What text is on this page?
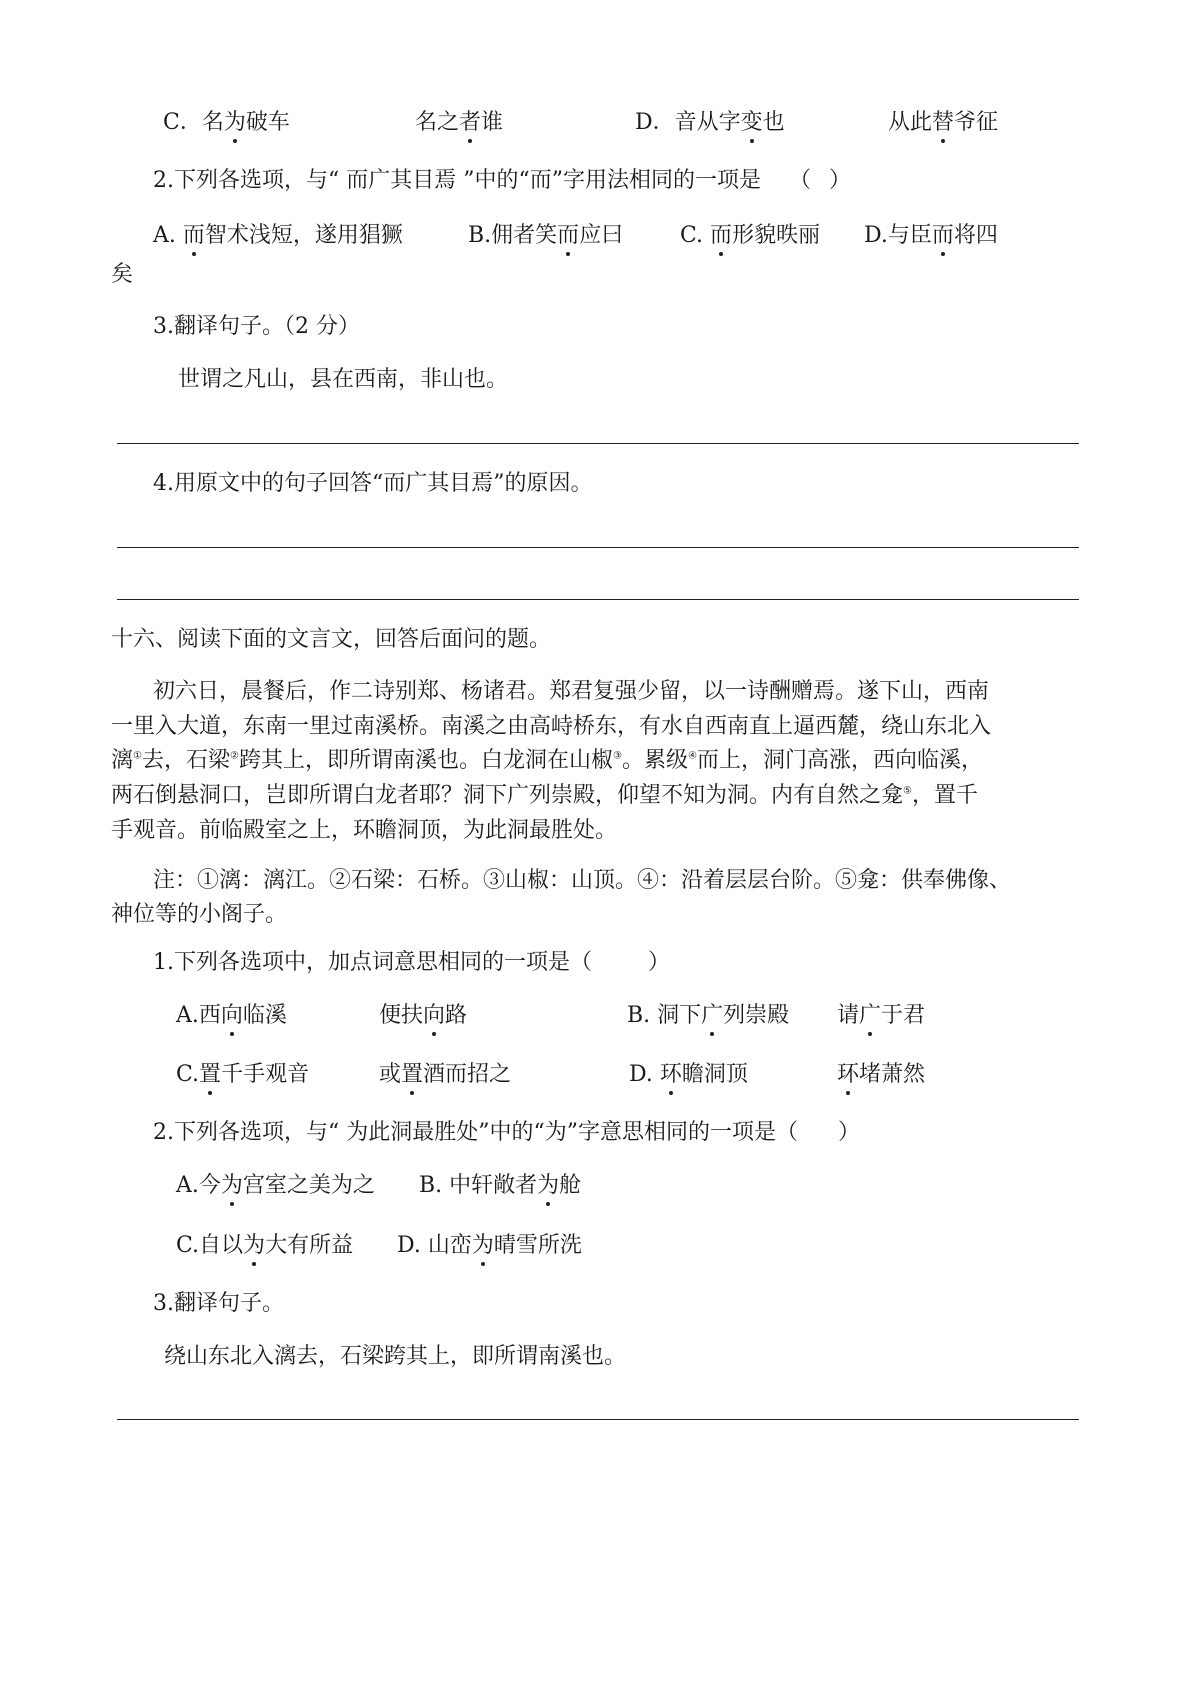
C．名为破车	名之者谁	D．音从字变也	从此替爷征
2.下列各选项，与“ 而广其目焉 ”中的“而”字用法相同的一项是 （ ）
A. 而智术浅短，遂用猖獗	B.佣者笑而应曰	C. 而形貌昳丽 D.与臣而将四
矣
3.翻译句子。（2 分）
世谓之凡山，县在西南，非山也。
4.用原文中的句子回答“而广其目焉”的原因。
十六、阅读下面的文言文，回答后面问的题。
初六日，晨餐后，作二诗别郑、杨诸君。郑君复强少留，以一诗酬赠焉。遂下山，西南
一里入大道，东南一里过南溪桥。南溪之由高峙桥东，有水自西南直上逼西麓，绕山东北入
漓①去，石梁②跨其上，即所谓南溪也。白龙洞在山椒③。累级④而上，洞门高涨，西向临溪，
两石倒悬洞口，岂即所谓白龙者耶？洞下广列崇殿，仰望不知为洞。内有自然之龛⑤，置千
手观音。前临殿室之上，环瞻洞顶，为此洞最胜处。
注：①漓：漓江。②石梁：石桥。③山椒：山顶。④：沿着层层台阶。⑤龛：供奉佛像、
神位等的小阁子。
1.下列各选项中，加点词意思相同的一项是（	）
A.西向临溪	便扶向路	B. 洞下广列崇殿 请广于君
C.置千手观音	或置酒而招之	D. 环瞻洞顶	环堵萧然
2.下列各选项，与“ 为此洞最胜处”中的“为”字意思相同的一项是（ ）
A.今为宫室之美为之 B. 中轩敞者为舱
C.自以为大有所益 D. 山峦为晴雪所洗
3.翻译句子。
绕山东北入漓去，石梁跨其上，即所谓南溪也。
